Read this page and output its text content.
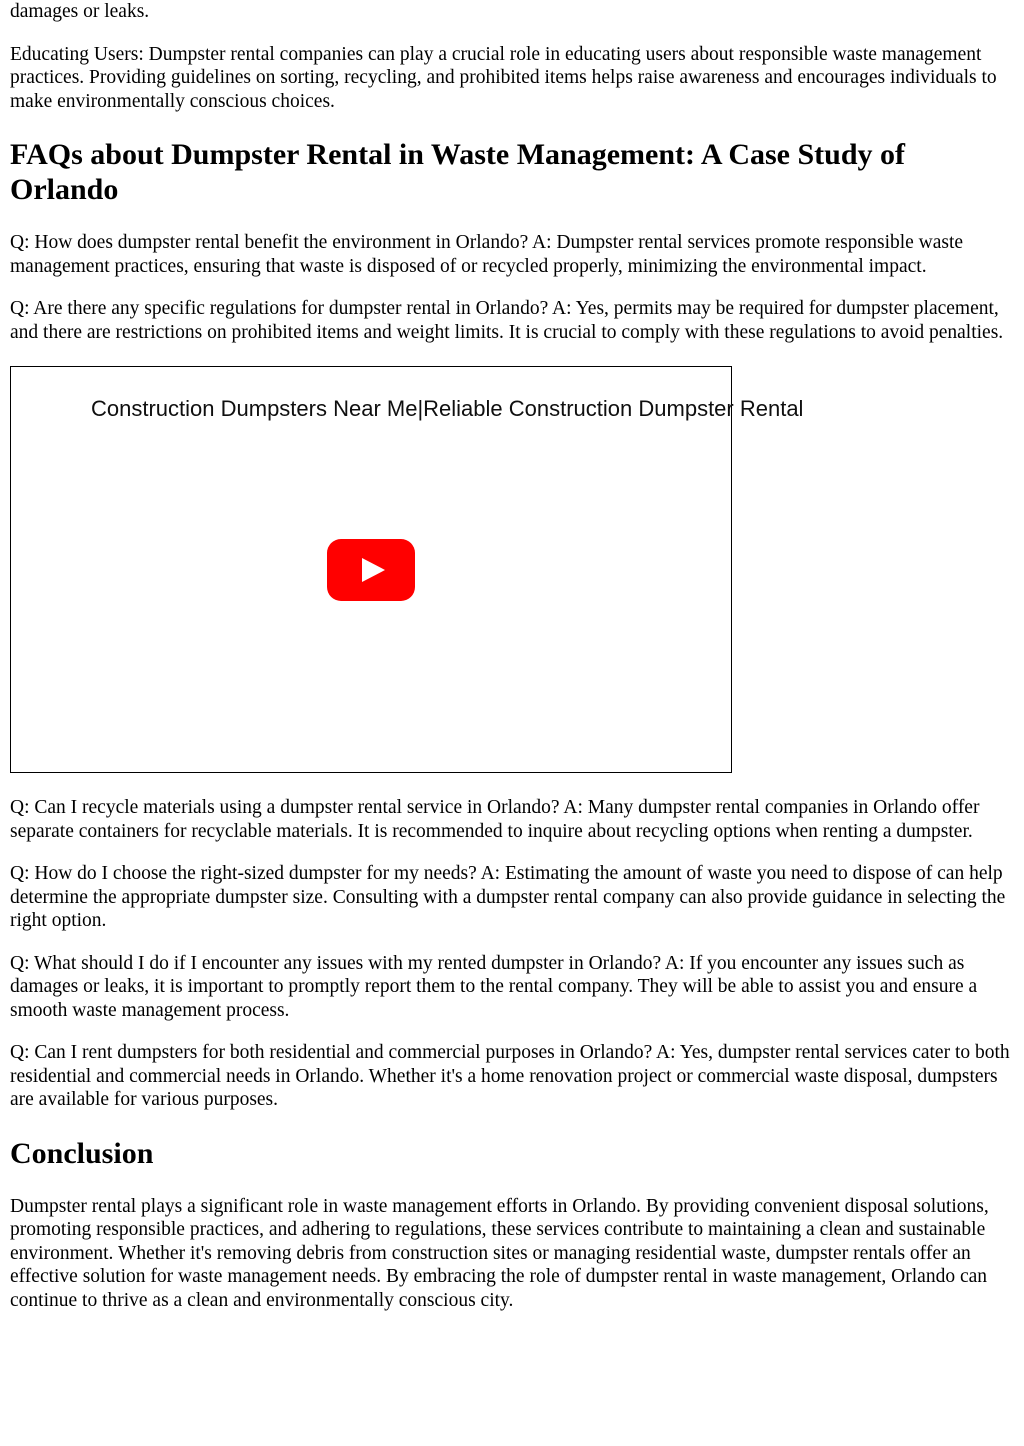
damages or leaks.

Educating Users: Dumpster rental companies can play a crucial role in educating users about responsible waste management practices. Providing guidelines on sorting, recycling, and prohibited items helps raise awareness and encourages individuals to make environmentally conscious choices.

FAQs about Dumpster Rental in Waste Management: A Case Study of Orlando

Q: How does dumpster rental benefit the environment in Orlando? A: Dumpster rental services promote responsible waste management practices, ensuring that waste is disposed of or recycled properly, minimizing the environmental impact.

Q: Are there any specific regulations for dumpster rental in Orlando? A: Yes, permits may be required for dumpster placement, and there are restrictions on prohibited items and weight limits. It is crucial to comply with these regulations to avoid penalties.

Construction Dumpsters Near Me|Reliable Construction Dumpster Rental

Q: Can I recycle materials using a dumpster rental service in Orlando? A: Many dumpster rental companies in Orlando offer separate containers for recyclable materials. It is recommended to inquire about recycling options when renting a dumpster.

Q: How do I choose the right-sized dumpster for my needs? A: Estimating the amount of waste you need to dispose of can help determine the appropriate dumpster size. Consulting with a dumpster rental company can also provide guidance in selecting the right option.

Q: What should I do if I encounter any issues with my rented dumpster in Orlando? A: If you encounter any issues such as damages or leaks, it is important to promptly report them to the rental company. They will be able to assist you and ensure a smooth waste management process.

Q: Can I rent dumpsters for both residential and commercial purposes in Orlando? A: Yes, dumpster rental services cater to both residential and commercial needs in Orlando. Whether it's a home renovation project or commercial waste disposal, dumpsters are available for various purposes.

Conclusion

Dumpster rental plays a significant role in waste management efforts in Orlando. By providing convenient disposal solutions, promoting responsible practices, and adhering to regulations, these services contribute to maintaining a clean and sustainable environment. Whether it's removing debris from construction sites or managing residential waste, dumpster rentals offer an effective solution for waste management needs. By embracing the role of dumpster rental in waste management, Orlando can continue to thrive as a clean and environmentally conscious city.
